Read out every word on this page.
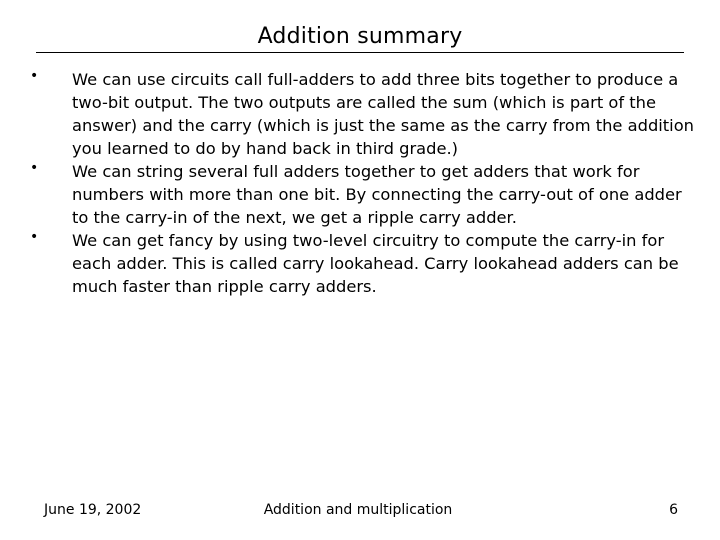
Addition summary
• We can use circuits call full-adders to add three bits together to produce a two-bit output. The two outputs are called the sum (which is part of the answer) and the carry (which is just the same as the carry from the addition you learned to do by hand back in third grade.)
• We can string several full adders together to get adders that work for numbers with more than one bit. By connecting the carry-out of one adder to the carry-in of the next, we get a ripple carry adder.
• We can get fancy by using two-level circuitry to compute the carry-in for each adder. This is called carry lookahead. Carry lookahead adders can be much faster than ripple carry adders.
June 19, 2002	Addition and multiplication	6
